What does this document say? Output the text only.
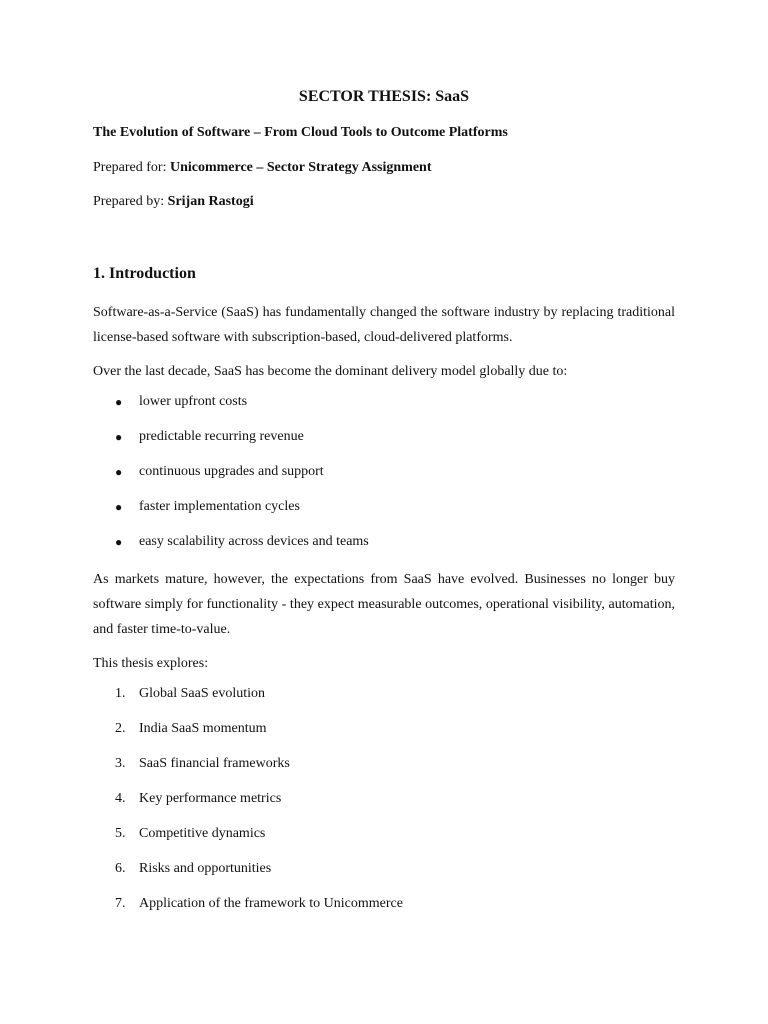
SECTOR THESIS: SaaS

The Evolution of Software – From Cloud Tools to Outcome Platforms

Prepared for: Unicommerce – Sector Strategy Assignment

Prepared by: Srijan Rastogi

1. Introduction

Software-as-a-Service (SaaS) has fundamentally changed the software industry by replacing traditional license-based software with subscription-based, cloud-delivered platforms.

Over the last decade, SaaS has become the dominant delivery model globally due to:

● lower upfront costs
● predictable recurring revenue
● continuous upgrades and support
● faster implementation cycles
● easy scalability across devices and teams

As markets mature, however, the expectations from SaaS have evolved. Businesses no longer buy software simply for functionality - they expect measurable outcomes, operational visibility, automation, and faster time-to-value.

This thesis explores:

1. Global SaaS evolution
2. India SaaS momentum
3. SaaS financial frameworks
4. Key performance metrics
5. Competitive dynamics
6. Risks and opportunities
7. Application of the framework to Unicommerce
